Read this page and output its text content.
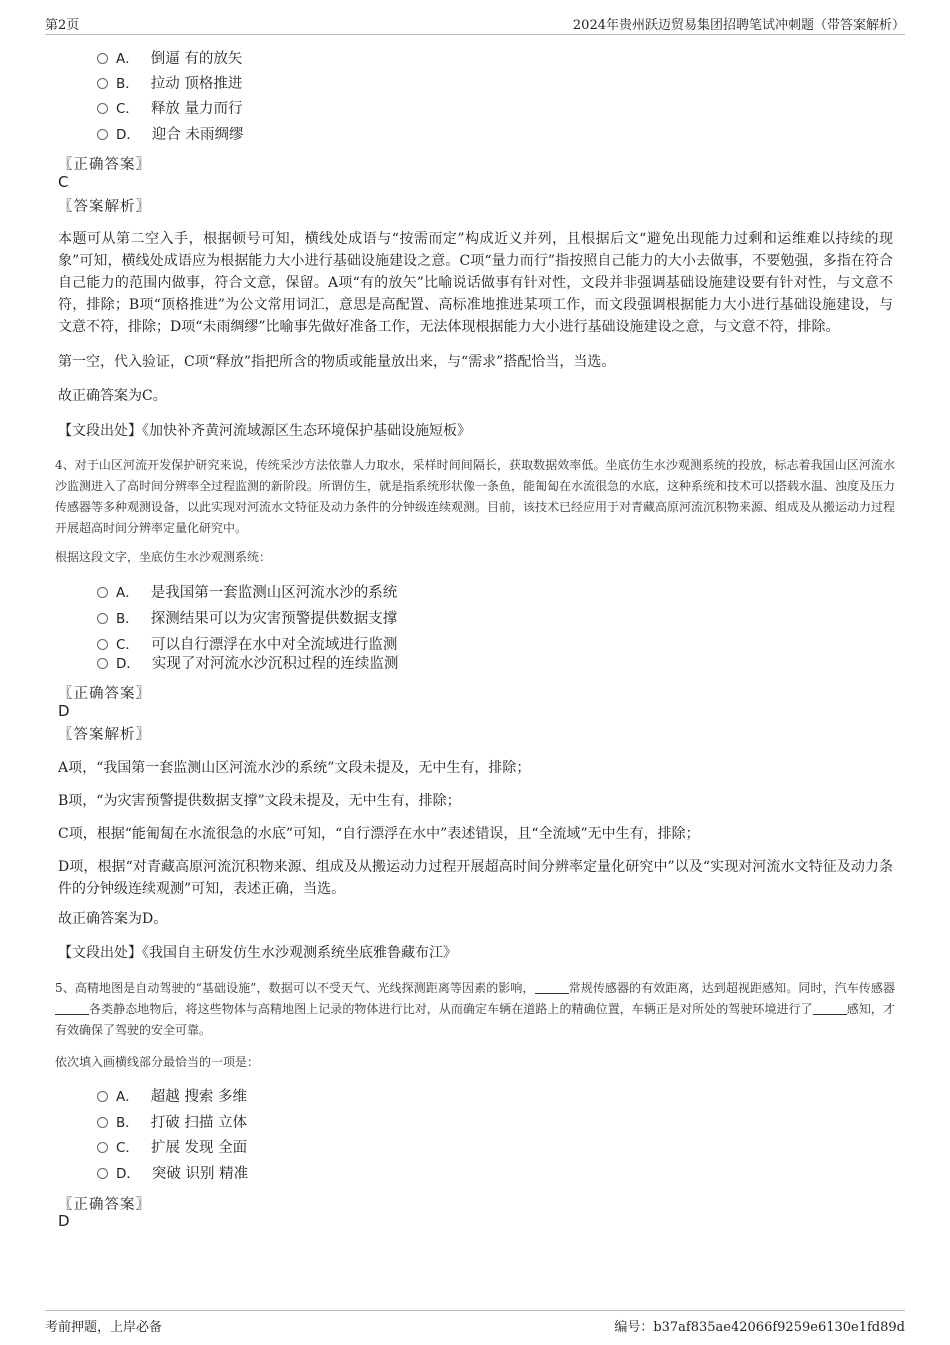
第2页	2024年贵州跃迈贸易集团招聘笔试冲刺题（带答案解析）
A． 倒逼 有的放矢
B． 拉动 顶格推进
C． 释放 量力而行
D． 迎合 未雨绸缪
〖正确答案〗
C
〖答案解析〗
本题可从第二空入手，根据顿号可知，横线处成语与“按需而定”构成近义并列，且根据后文“避免出现能力过剩和运维难以持续的现象”可知，横线处成语应为根据能力大小进行基础设施建设之意。C项“量力而行”指按照自己能力的大小去做事，不要勉强，多指在符合自己能力的范围内做事，符合文意，保留。A项“有的放矢”比喻说话做事有针对性，文段并非强调基础设施建设要有针对性，与文意不符，排除；B项“顶格推进”为公文常用词汇，意思是高配置、高标准地推进某项工作，而文段强调根据能力大小进行基础设施建设，与文意不符，排除；D项“未雨绸缪”比喻事先做好准备工作，无法体现根据能力大小进行基础设施建设之意，与文意不符，排除。
第一空，代入验证，C项“释放”指把所含的物质或能量放出来，与“需求”搭配恰当，当选。
故正确答案为C。
【文段出处】《加快补齐黄河流域源区生态环境保护基础设施短板》
4、对于山区河流开发保护研究来说，传统采沙方法依靠人力取水，采样时间间隔长，获取数据效率低。坐底仿生水沙观测系统的投放，标志着我国山区河流水沙监测进入了高时间分辨率全过程监测的新阶段。所谓仿生，就是指系统形状像一条鱼，能匍匐在水流很急的水底，这种系统和技术可以搭载水温、浊度及压力传感器等多种观测设备，以此实现对河流水文特征及动力条件的分钟级连续观测。目前，该技术已经应用于对青藏高原河流沉积物来源、组成及从搬运动力过程开展超高时间分辨率定量化研究中。
根据这段文字，坐底仿生水沙观测系统：
A． 是我国第一套监测山区河流水沙的系统
B． 探测结果可以为灾害预警提供数据支撑
C． 可以自行漂浮在水中对全流域进行监测
D． 实现了对河流水沙沉积过程的连续监测
〖正确答案〗
D
〖答案解析〗
A项，“我国第一套监测山区河流水沙的系统”文段未提及，无中生有，排除；
B项，“为灾害预警提供数据支撑”文段未提及，无中生有，排除；
C项，根据“能匍匐在水流很急的水底”可知，“自行漂浮在水中”表述错误，且“全流域”无中生有，排除；
D项，根据“对青藏高原河流沉积物来源、组成及从搬运动力过程开展超高时间分辨率定量化研究中”以及“实现对河流水文特征及动力条件的分钟级连续观测”可知，表述正确，当选。
故正确答案为D。
【文段出处】《我国自主研发仿生水沙观测系统坐底雅鲁藏布江》
5、高精地图是自动驾驶的“基础设施”，数据可以不受天气、光线探测距离等因素的影响，	常规传感器的有效距离，达到超视距感知。同时，汽车传感器各类静态地物后，将这些物体与高精地图上记录的物体进行比对，从而确定车辆在道路上的精确位置，车辆正是对所处的驾驶环境进行了	感知，才有效确保了驾驶的安全可靠。
依次填入画横线部分最恰当的一项是：
A． 超越 搜索 多维
B． 打破 扫描 立体
C． 扩展 发现 全面
D． 突破 识别 精准
〖正确答案〗
D
考前押题，上岸必备	编号：b37af835ae42066f9259e6130e1fd89d
